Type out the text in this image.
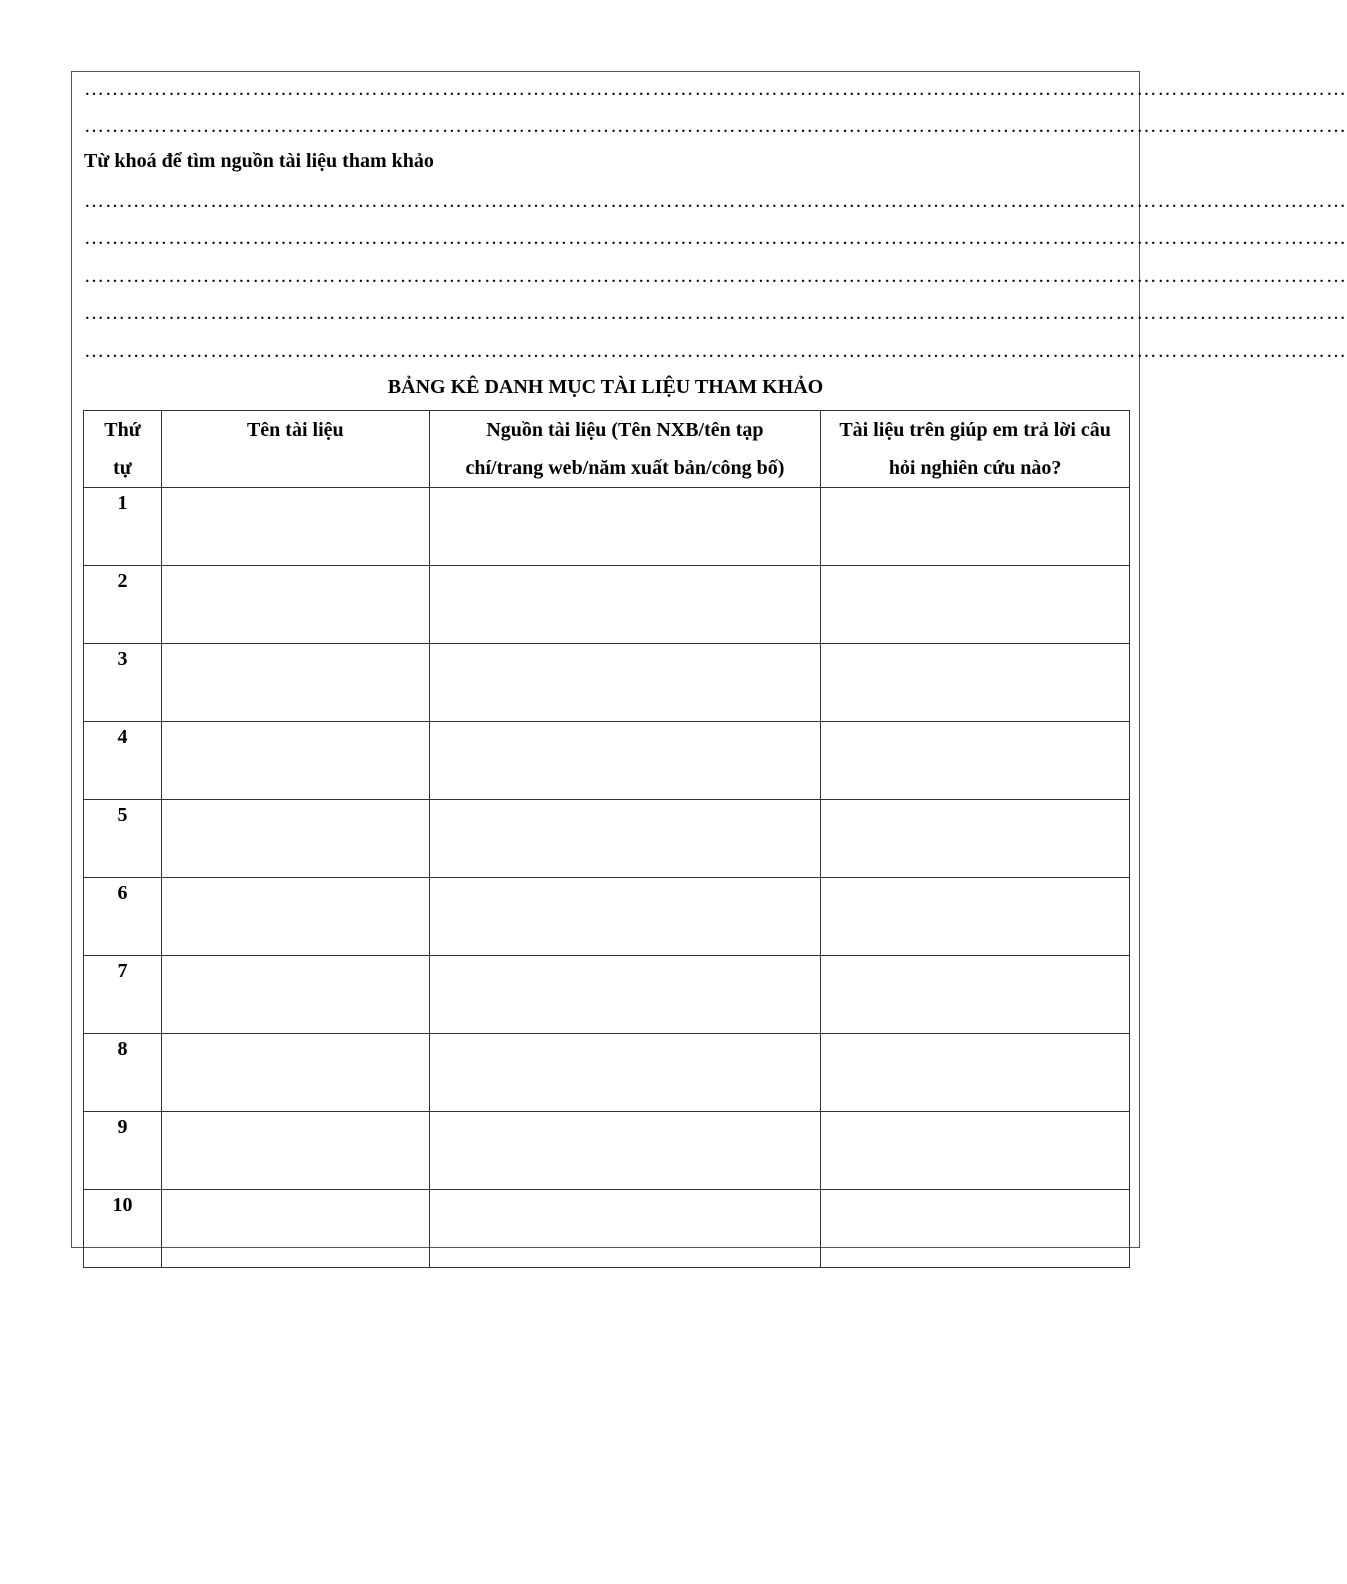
………………………………………………………………………………………………………………………………………………………………
………………………………………………………………………………………………………………………………………………………………
Từ khoá để tìm nguồn tài liệu tham khảo
………………………………………………………………………………………………………………………………………………………………
………………………………………………………………………………………………………………………………………………………………
………………………………………………………………………………………………………………………………………………………………
………………………………………………………………………………………………………………………………………………………………
………………………………………………………………………………………………………………………………………………………………
BẢNG KÊ DANH MỤC TÀI LIỆU THAM KHẢO
Thứ tự	Tên tài liệu	Nguồn tài liệu (Tên NXB/tên tạp chí/trang web/năm xuất bản/công bố)	Tài liệu trên giúp em trả lời câu hỏi nghiên cứu nào?
1			
2			
3			
4			
5			
6			
7			
8			
9			
10			
